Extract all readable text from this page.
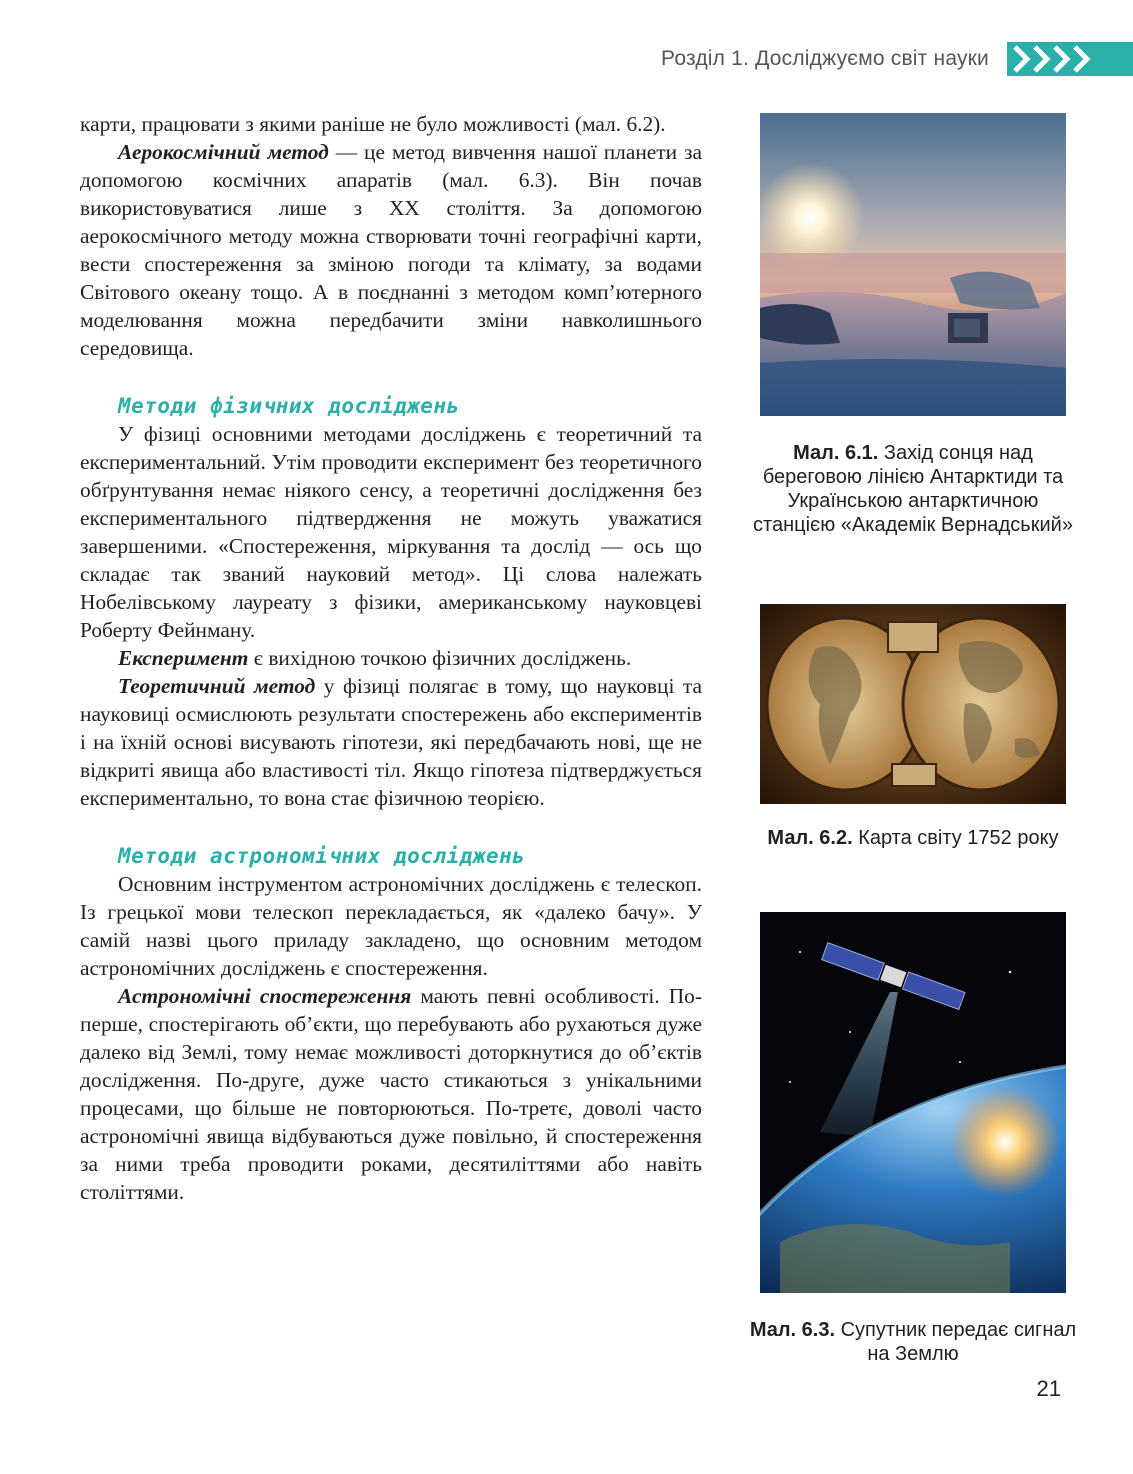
Розділ 1. Досліджуємо світ науки

карти, працювати з якими раніше не було можливості (мал. 6.2).

Аерокосмічний метод — це метод вивчення нашої планети за допомогою космічних апаратів (мал. 6.3). Він почав використовуватися лише з XX століття. За допомогою аерокосмічного методу можна створювати точні географічні карти, вести спостереження за зміною погоди та клімату, за водами Світового океану тощо. А в поєднанні з методом комп’ютерного моделювання можна передбачити зміни навколишнього середовища.

Методи фізичних досліджень

У фізиці основними методами досліджень є теоретичний та експериментальний. Утім проводити експеримент без теоретичного обґрунтування немає ніякого сенсу, а теоретичні дослідження без експериментального підтвердження не можуть уважатися завершеними. «Спостереження, міркування та дослід — ось що складає так званий науковий метод». Ці слова належать Нобелівському лауреату з фізики, американському науковцеві Роберту Фейнману.

Експеримент є вихідною точкою фізичних досліджень.

Теоретичний метод у фізиці полягає в тому, що науковці та науковиці осмислюють результати спостережень або експериментів і на їхній основі висувають гіпотези, які передбачають нові, ще не відкриті явища або властивості тіл. Якщо гіпотеза підтверджується експериментально, то вона стає фізичною теорією.

Методи астрономічних досліджень

Основним інструментом астрономічних досліджень є телескоп. Із грецької мови телескоп перекладається, як «далеко бачу». У самій назві цього приладу закладено, що основним методом астрономічних досліджень є спостереження.

Астрономічні спостереження мають певні особливості. По-перше, спостерігають об’єкти, що перебувають або рухаються дуже далеко від Землі, тому немає можливості доторкнутися до об’єктів дослідження. По-друге, дуже часто стикаються з унікальними процесами, що більше не повторюються. По-третє, доволі часто астрономічні явища відбуваються дуже повільно, й спостереження за ними треба проводити роками, десятиліттями або навіть століттями.

Мал. 6.1. Захід сонця над береговою лінією Антарктиди та Українською антарктичною станцією «Академік Вернадський»
Мал. 6.2. Карта світу 1752 року
Мал. 6.3. Супутник передає сигнал на Землю
21
